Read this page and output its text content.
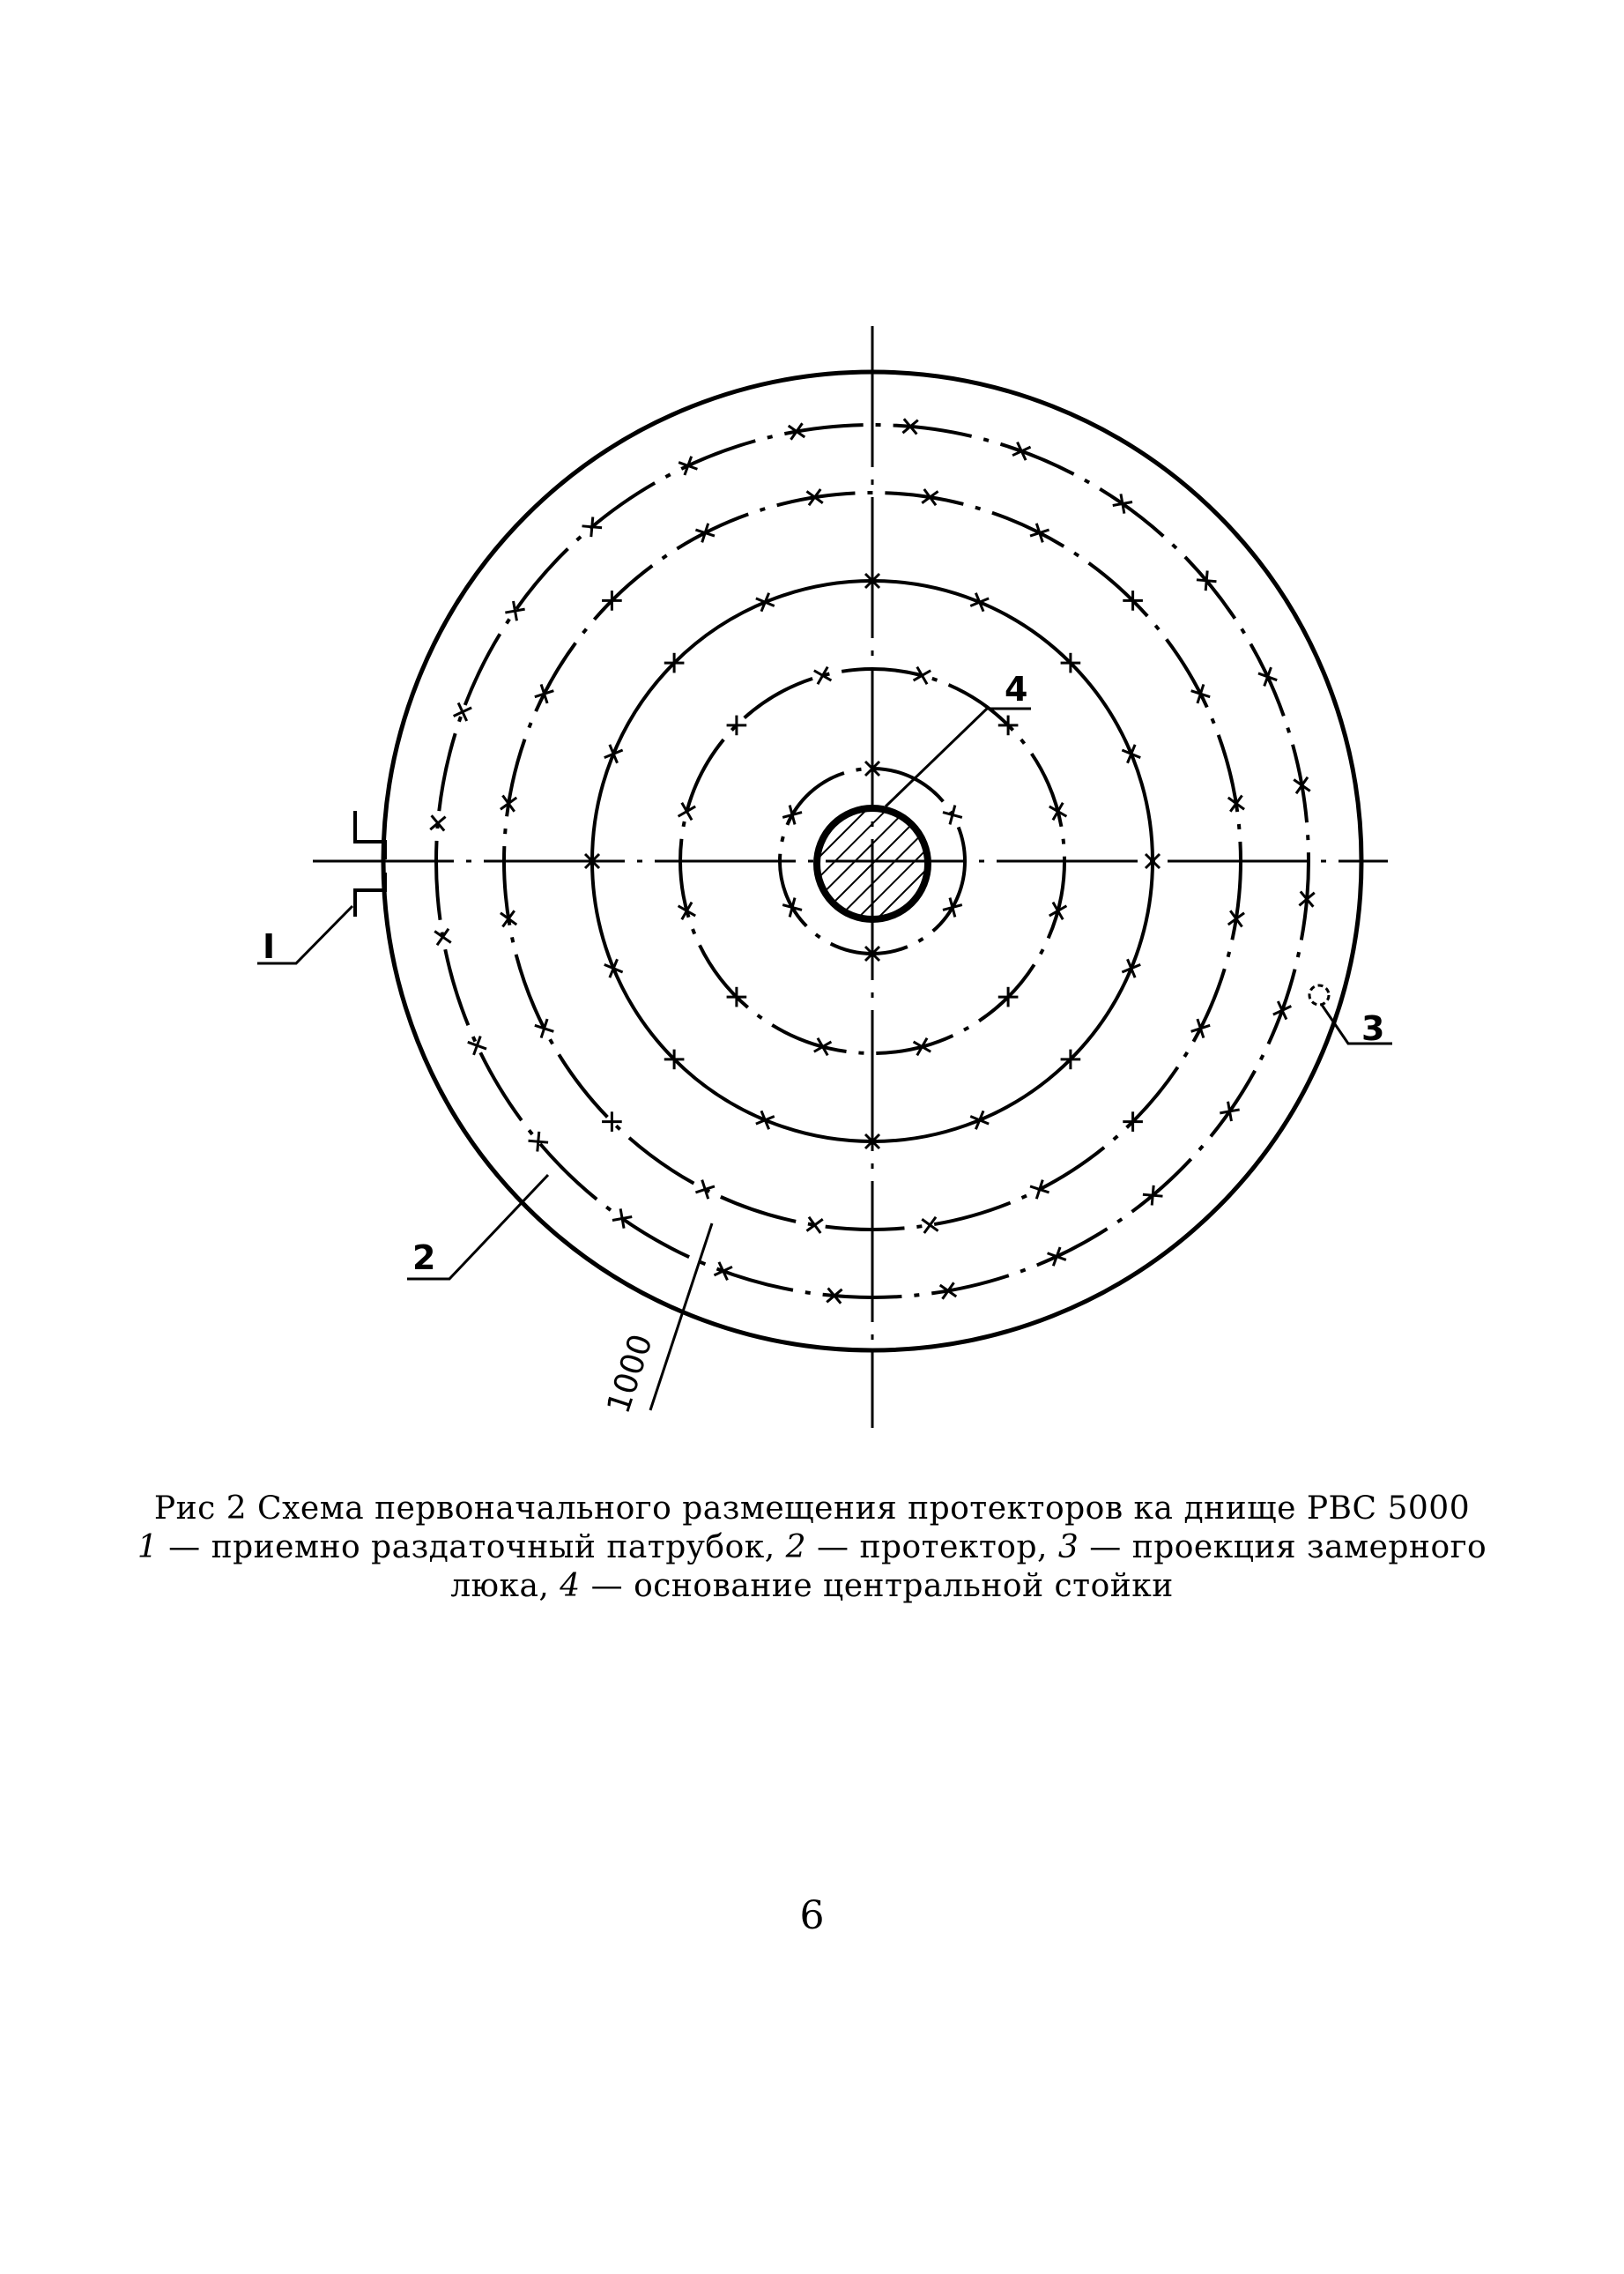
I
2
3
4
1000
Рис 2 Схема первоначального размещения протекторов ка днище РВС 5000
1 — приемно раздаточный патрубок, 2 — протектор, 3 — проекция замерного
люка, 4 — основание центральной стойки
6
